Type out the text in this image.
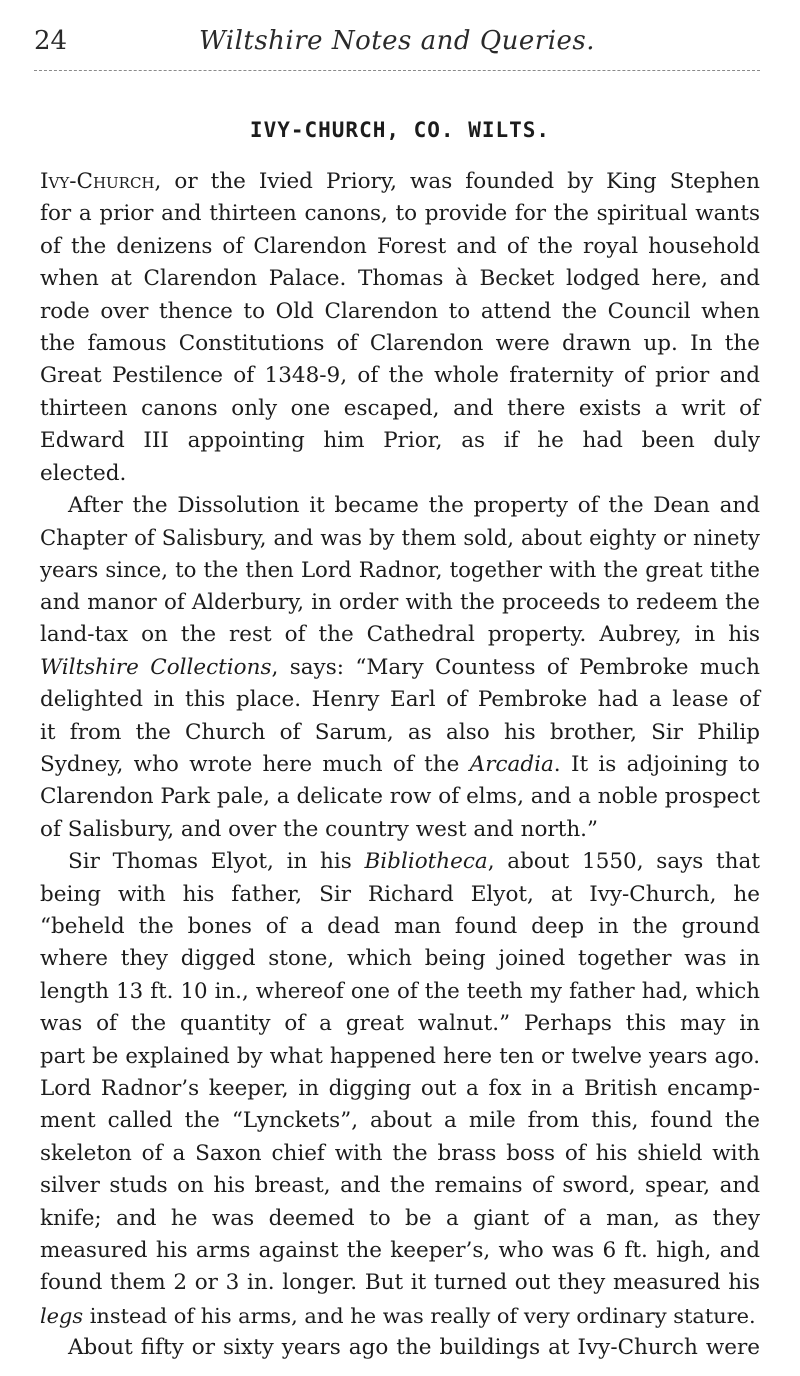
24	Wiltshire Notes and Queries.
IVY-CHURCH, CO. WILTS.
Ivy-Church, or the Ivied Priory, was founded by King Stephen
for a prior and thirteen canons, to provide for the spiritual wants
of the denizens of Clarendon Forest and of the royal household
when at Clarendon Palace. Thomas à Becket lodged here, and
rode over thence to Old Clarendon to attend the Council when
the famous Constitutions of Clarendon were drawn up. In the
Great Pestilence of 1348-9, of the whole fraternity of prior and
thirteen canons only one escaped, and there exists a writ of
Edward III appointing him Prior, as if he had been duly
elected.
After the Dissolution it became the property of the Dean and
Chapter of Salisbury, and was by them sold, about eighty or ninety
years since, to the then Lord Radnor, together with the great tithe
and manor of Alderbury, in order with the proceeds to redeem the
land-tax on the rest of the Cathedral property. Aubrey, in his
Wiltshire Collections, says: “Mary Countess of Pembroke much
delighted in this place. Henry Earl of Pembroke had a lease of
it from the Church of Sarum, as also his brother, Sir Philip
Sydney, who wrote here much of the Arcadia. It is adjoining to
Clarendon Park pale, a delicate row of elms, and a noble prospect
of Salisbury, and over the country west and north.”
Sir Thomas Elyot, in his Bibliotheca, about 1550, says that
being with his father, Sir Richard Elyot, at Ivy-Church, he
“beheld the bones of a dead man found deep in the ground
where they digged stone, which being joined together was in
length 13 ft. 10 in., whereof one of the teeth my father had, which
was of the quantity of a great walnut.” Perhaps this may in
part be explained by what happened here ten or twelve years ago.
Lord Radnor’s keeper, in digging out a fox in a British encamp-
ment called the “Lynckets”, about a mile from this, found the
skeleton of a Saxon chief with the brass boss of his shield with
silver studs on his breast, and the remains of sword, spear, and
knife; and he was deemed to be a giant of a man, as they
measured his arms against the keeper’s, who was 6 ft. high, and
found them 2 or 3 in. longer. But it turned out they measured his
legs instead of his arms, and he was really of very ordinary stature.
About fifty or sixty years ago the buildings at Ivy-Church were
